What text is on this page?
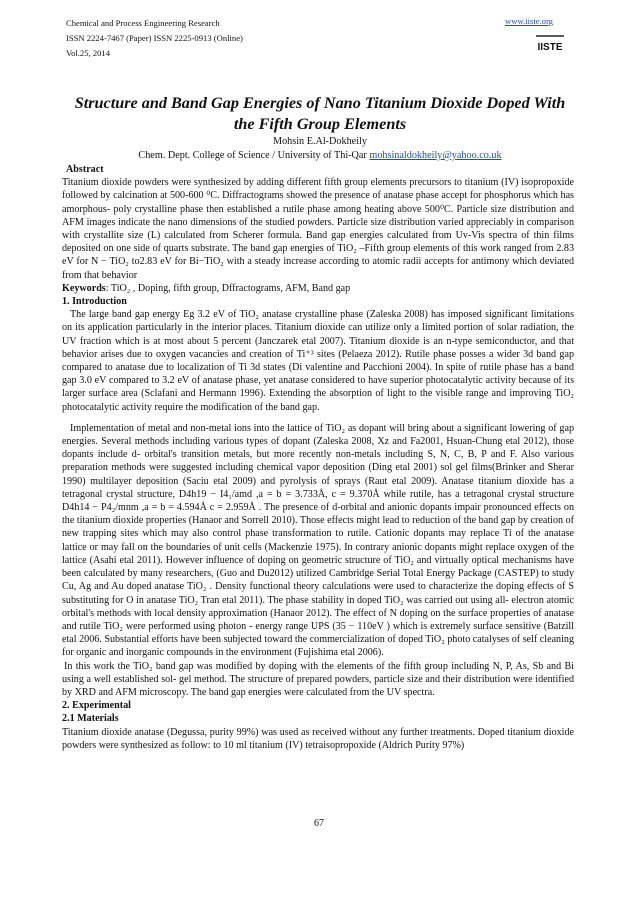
Chemical and Process Engineering Research
ISSN 2224-7467 (Paper) ISSN 2225-0913 (Online)
Vol.25, 2014
www.iiste.org
IISTE
Structure and Band Gap Energies of Nano Titanium Dioxide Doped With the Fifth Group Elements
Mohsin E.Al-Dokheily
Chem. Dept. College of Science / University of Thi-Qar mohsinaldokheily@yahoo.co.uk

Abstract

Titanium dioxide powders were synthesized by adding different fifth group elements precursors to titanium (IV) isopropoxide followed by calcination at 500-600 ⁰C. Diffractograms showed the presence of anatase phase accept for phosphorus which has amorphous- poly crystalline phase then established a rutile phase among heating above 500⁰C. Particle size distribution and AFM images indicate the nano dimensions of the studied powders. Particle size distribution varied appreciably in comparison with crystallite size (L) calculated from Scherer formula. Band gap energies calculated from Uv-Vis spectra of thin films deposited on one side of quarts substrate. The band gap energies of TiO₂ –Fifth group elements of this work ranged from 2.83 eV for N − TiO₂ to2.83 eV for Bi−TiO₂ with a steady increase according to atomic radii accepts for antimony which deviated from that behavior

Keywords: TiO₂ , Doping, fifth group, Dffractograms, AFM, Band gap

1. Introduction

The large band gap energy Eg 3.2 eV of TiO₂ anatase crystalline phase (Zaleska 2008) has imposed significant limitations on its application particularly in the interior places. Titanium dioxide can utilize only a limited portion of solar radiation, the UV fraction which is at most about 5 percent (Janczarek etal 2007). Titanium dioxide is an n-type semiconductor, and that behavior arises due to oxygen vacancies and creation of Ti⁺³ sites (Pelaeza 2012). Rutile phase posses a wider 3d band gap compared to anatase due to localization of Ti 3d states (Di valentine and Pacchioni 2004). In spite of rutile phase has a band gap 3.0 eV compared to 3.2 eV of anatase phase, yet anatase considered to have superior photocatalytic activity because of its larger surface area (Sclafani and Hermann 1996). Extending the absorption of light to the visible range and improving TiO₂ photocatalytic activity require the modification of the band gap.

Implementation of metal and non-metal ions into the lattice of TiO₂ as dopant will bring about a significant lowering of gap energies. Several methods including various types of dopant (Zaleska 2008, Xz and Fa2001, Hsuan-Chung etal 2012), those dopants include d- orbital's transition metals, but more recently non-metals including S, N, C, B, P and F. Also various preparation methods were suggested including chemical vapor deposition (Ding etal 2001) sol gel films(Brinker and Sherar 1990) multilayer deposition (Saciu etal 2009) and pyrolysis of sprays (Raut etal 2009). Anatase titanium dioxide has a tetragonal crystal structure, D4h19 − I4₁/amd ,a = b = 3.733Å, c = 9.370Å while rutile, has a tetragonal crystal structure D4h14 − P4₂/mnm ,a = b = 4.594Å c = 2.959Å . The presence of d-orbital and anionic dopants impair pronounced effects on the titanium dioxide properties (Hanaor and Sorrell 2010). Those effects might lead to reduction of the band gap by creation of new trapping sites which may also control phase transformation to rutile. Cationic dopants may replace Ti of the anatase lattice or may fall on the boundaries of unit cells (Mackenzie 1975). In contrary anionic dopants might replace oxygen of the lattice (Asahi etal 2011). However influence of doping on geometric structure of TiO₂ and virtually optical mechanisms have been calculated by many researchers, (Guo and Du2012) utilized Cambridge Serial Total Energy Package (CASTEP) to study Cu, Ag and Au doped anatase TiO₂ . Density functional theory calculations were used to characterize the doping effects of S substituting for O in anatase TiO₂ Tran etal 2011). The phase stability in doped TiO₂ was carried out using all- electron atomic orbital's methods with local density approximation (Hanaor 2012). The effect of N doping on the surface properties of anatase and rutile TiO₂ were performed using photon - energy range UPS (35 − 110eV ) which is extremely surface sensitive (Batzill etal 2006. Substantial efforts have been subjected toward the commercialization of doped TiO₂ photo catalyses of self cleaning for organic and inorganic compounds in the environment (Fujishima etal 2006).

In this work the TiO₂ band gap was modified by doping with the elements of the fifth group including N, P, As, Sb and Bi using a well established sol- gel method. The structure of prepared powders, particle size and their distribution were identified by XRD and AFM microscopy. The band gap energies were calculated from the UV spectra.

2. Experimental

2.1 Materials

Titanium dioxide anatase (Degussa, purity 99%) was used as received without any further treatments. Doped titanium dioxide powders were synthesized as follow: to 10 ml titanium (IV) tetraisopropoxide (Aldrich Purity 97%)

67
